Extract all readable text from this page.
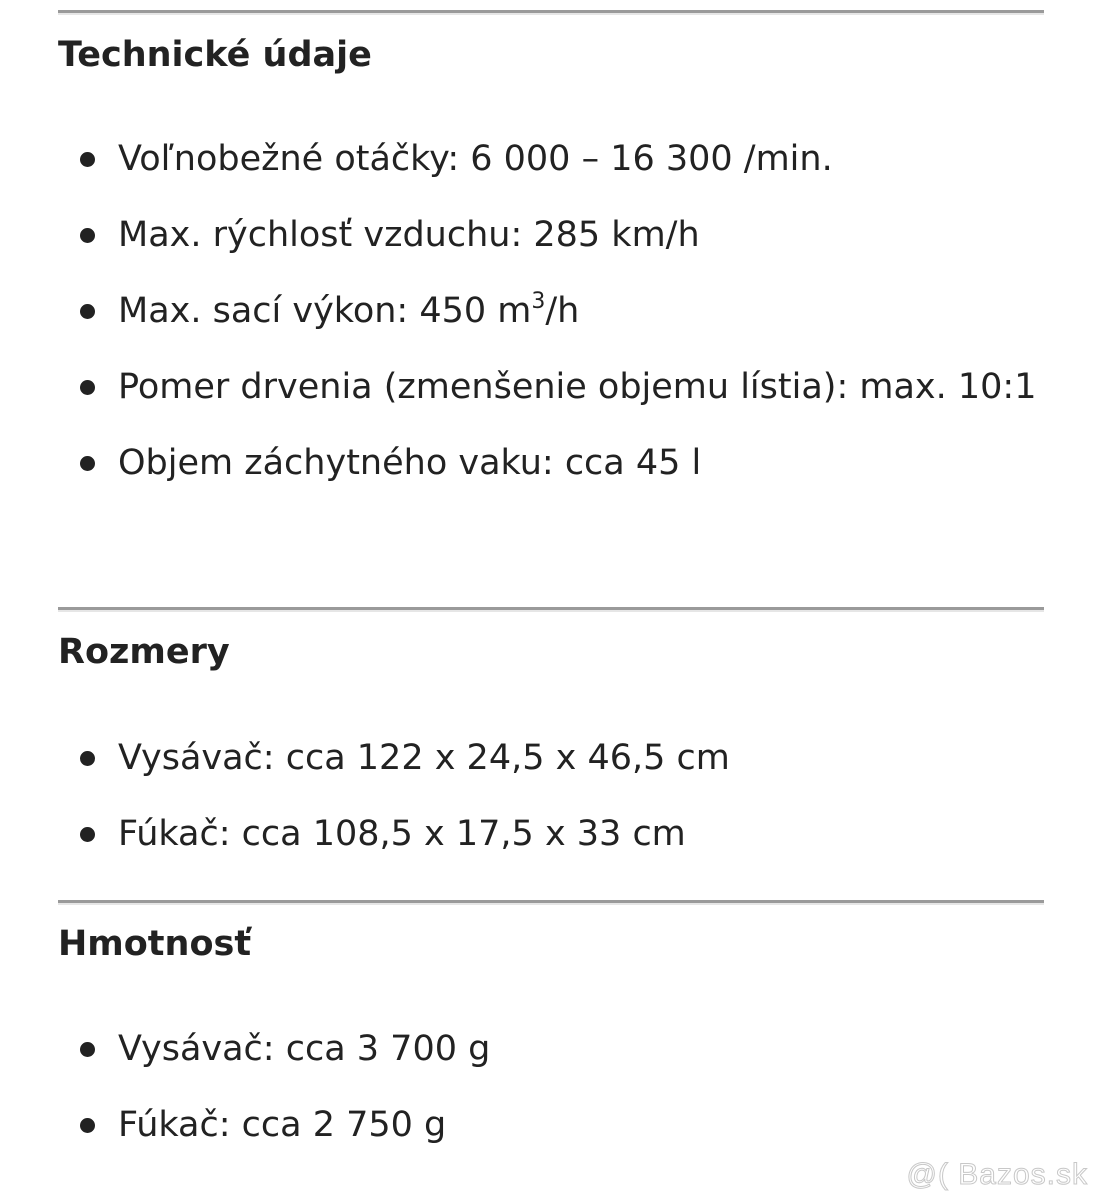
Technické údaje
Voľnobežné otáčky: 6 000 – 16 300 /min.
Max. rýchlosť vzduchu: 285 km/h
Max. sací výkon: 450 $m^3/h$
Pomer drvenia (zmenšenie objemu lístia): max. 10:1
Objem záchytného vaku: cca 45 l
Rozmery
Vysávač: cca 122 x 24,5 x 46,5 cm
Fúkač: cca 108,5 x 17,5 x 33 cm
Hmotnosť
Vysávač: cca 3 700 g
Fúkač: cca 2 750 g
@( Bazos.sk
